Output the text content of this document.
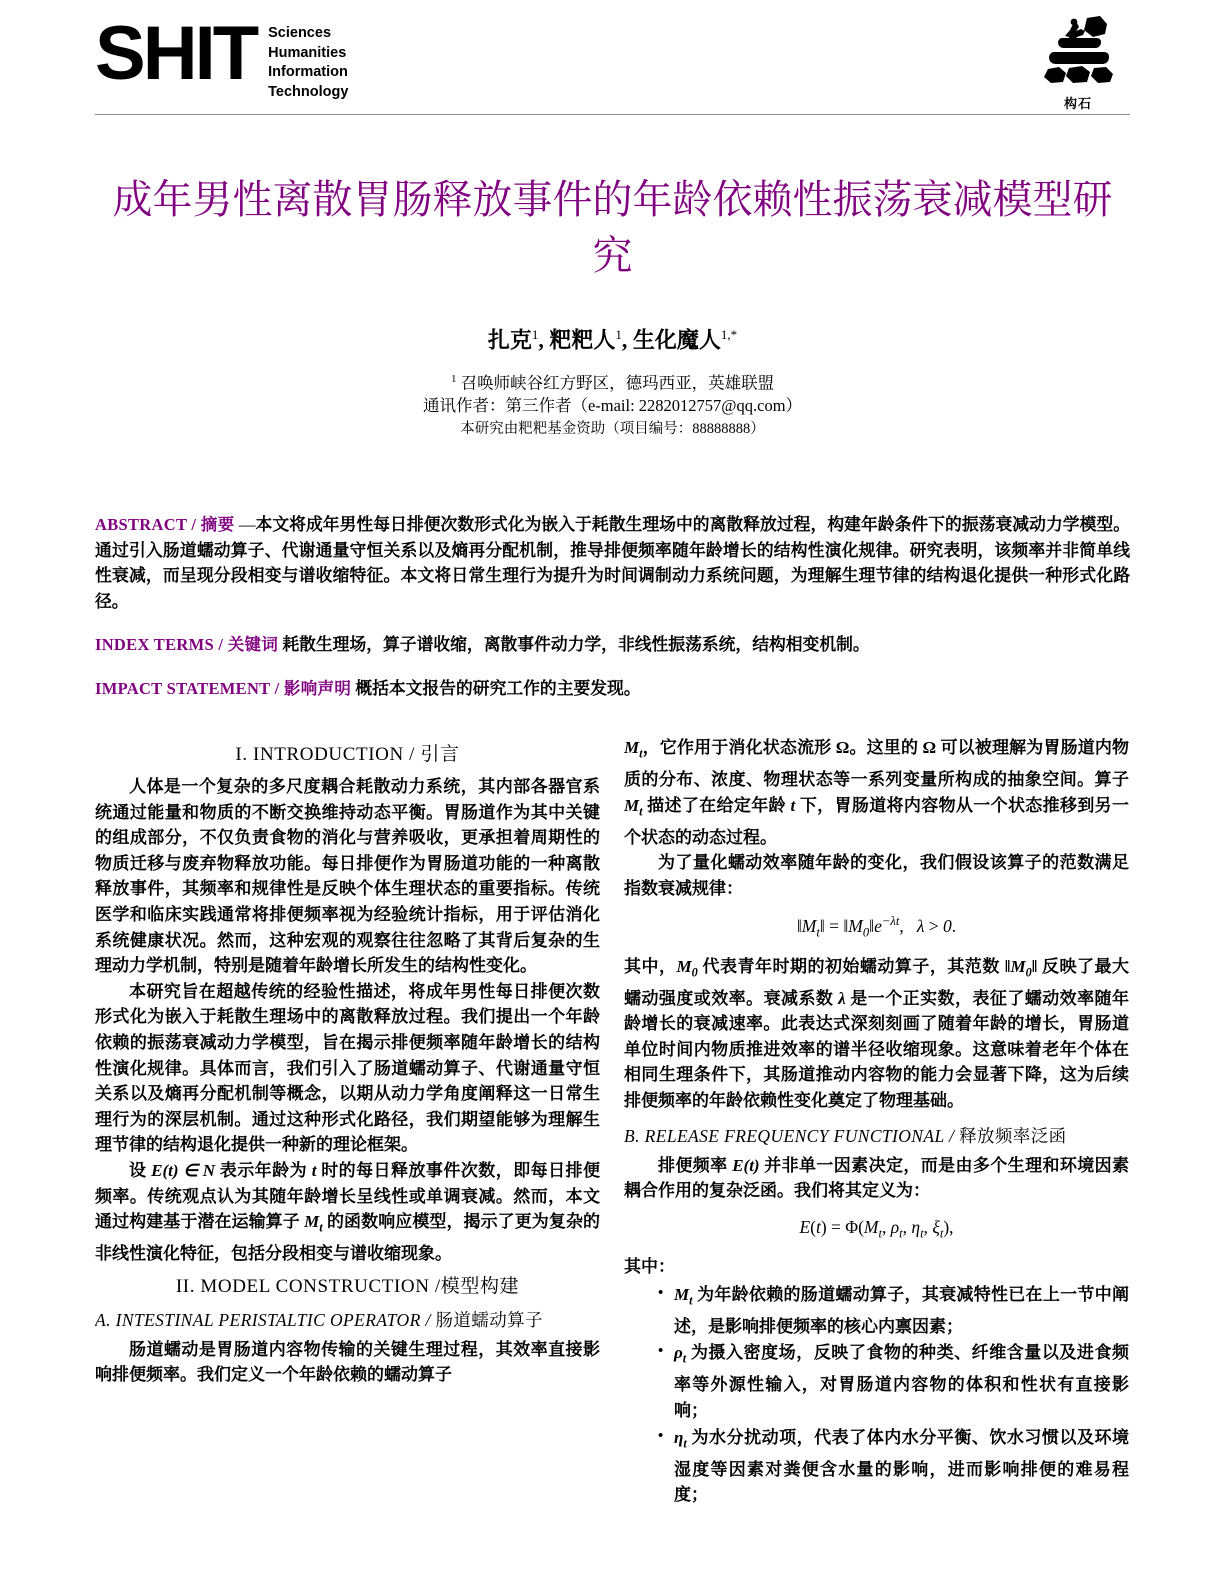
SHIT Sciences
Humanities
Information
Technology
构石
成年男性离散胃肠释放事件的年龄依赖性振荡衰减模型研究
扎克$^1$, 粑粑人$^1$, 生化魔人$^{1,*}$
$^1$ 召唤师峡谷红方野区，德玛西亚，英雄联盟
通讯作者：第三作者（e-mail: 2282012757@qq.com）
本研究由粑粑基金资助（项目编号：88888888）

ABSTRACT / 摘要 —本文将成年男性每日排便次数形式化为嵌入于耗散生理场中的离散释放过程，构建年龄条件下的振荡衰减动力学模型。通过引入肠道蠕动算子、代谢通量守恒关系以及熵再分配机制，推导排便频率随年龄增长的结构性演化规律。研究表明，该频率并非简单线性衰减，而呈现分段相变与谱收缩特征。本文将日常生理行为提升为时间调制动力系统问题，为理解生理节律的结构退化提供一种形式化路径。

INDEX TERMS / 关键词 耗散生理场，算子谱收缩，离散事件动力学，非线性振荡系统，结构相变机制。

IMPACT STATEMENT / 影响声明 概括本文报告的研究工作的主要发现。

I. INTRODUCTION / 引言

人体是一个复杂的多尺度耦合耗散动力系统，其内部各器官系统通过能量和物质的不断交换维持动态平衡。胃肠道作为其中关键的组成部分，不仅负责食物的消化与营养吸收，更承担着周期性的物质迁移与废弃物释放功能。每日排便作为胃肠道功能的一种离散释放事件，其频率和规律性是反映个体生理状态的重要指标。传统医学和临床实践通常将排便频率视为经验统计指标，用于评估消化系统健康状况。然而，这种宏观的观察往往忽略了其背后复杂的生理动力学机制，特别是随着年龄增长所发生的结构性变化。

本研究旨在超越传统的经验性描述，将成年男性每日排便次数形式化为嵌入于耗散生理场中的离散释放过程。我们提出一个年龄依赖的振荡衰减动力学模型，旨在揭示排便频率随年龄增长的结构性演化规律。具体而言，我们引入了肠道蠕动算子、代谢通量守恒关系以及熵再分配机制等概念，以期从动力学角度阐释这一日常生理行为的深层机制。通过这种形式化路径，我们期望能够为理解生理节律的结构退化提供一种新的理论框架。

设 E(t) ∈ N 表示年龄为 t 时的每日释放事件次数，即每日排便频率。传统观点认为其随年龄增长呈线性或单调衰减。然而，本文通过构建基于潜在运输算子 $M_t$ 的函数响应模型，揭示了更为复杂的非线性演化特征，包括分段相变与谱收缩现象。

II. MODEL CONSTRUCTION /模型构建
A. INTESTINAL PERISTALTIC OPERATOR / 肠道蠕动算子

肠道蠕动是胃肠道内容物传输的关键生理过程，其效率直接影响排便频率。我们定义一个年龄依赖的蠕动算子

$M_t$，它作用于消化状态流形 Ω。这里的 Ω 可以被理解为胃肠道内物质的分布、浓度、物理状态等一系列变量所构成的抽象空间。算子 $M_t$ 描述了在给定年龄 t 下，胃肠道将内容物从一个状态推移到另一个状态的动态过程。

为了量化蠕动效率随年龄的变化，我们假设该算子的范数满足指数衰减规律：

$‖M_t‖$ = $‖M_0‖e^{-\lambda t}$,   λ > 0.

其中，$M_0$ 代表青年时期的初始蠕动算子，其范数 $‖M_0‖$ 反映了最大蠕动强度或效率。衰减系数 λ 是一个正实数，表征了蠕动效率随年龄增长的衰减速率。此表达式深刻刻画了随着年龄的增长，胃肠道单位时间内物质推进效率的谱半径收缩现象。这意味着老年个体在相同生理条件下，其肠道推动内容物的能力会显著下降，这为后续排便频率的年龄依赖性变化奠定了物理基础。

B. RELEASE FREQUENCY FUNCTIONAL / 释放频率泛函

排便频率 E(t) 并非单一因素决定，而是由多个生理和环境因素耦合作用的复杂泛函。我们将其定义为：

$E(t) = \Phi(M_t$, $\rho_t$, $\eta_t$, $\xi_t$),

其中：

• $M_t$ 为年龄依赖的肠道蠕动算子，其衰减特性已在上一节中阐述，是影响排便频率的核心内禀因素；
• $\rho_t$ 为摄入密度场，反映了食物的种类、纤维含量以及进食频率等外源性输入，对胃肠道内容物的体积和性状有直接影响；
• $\eta_t$ 为水分扰动项，代表了体内水分平衡、饮水习惯以及环境湿度等因素对粪便含水量的影响，进而影响排便的难易程度；
